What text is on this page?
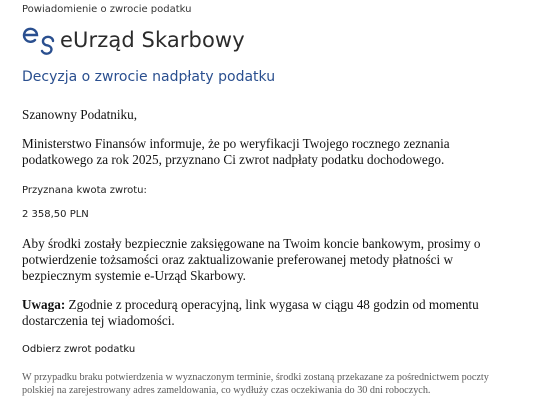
Powiadomienie o zwrocie podatku
eUrząd Skarbowy
Decyzja o zwrocie nadpłaty podatku

Szanowny Podatniku,

Ministerstwo Finansów informuje, że po weryfikacji Twojego rocznego zeznania podatkowego za rok 2025, przyznano Ci zwrot nadpłaty podatku dochodowego.

Przyznana kwota zwrotu:

2 358,50 PLN

Aby środki zostały bezpiecznie zaksięgowane na Twoim koncie bankowym, prosimy o potwierdzenie tożsamości oraz zaktualizowanie preferowanej metody płatności w bezpiecznym systemie e-Urząd Skarbowy.

Uwaga: Zgodnie z procedurą operacyjną, link wygasa w ciągu 48 godzin od momentu dostarczenia tej wiadomości.

Odbierz zwrot podatku

W przypadku braku potwierdzenia w wyznaczonym terminie, środki zostaną przekazane za pośrednictwem poczty polskiej na zarejestrowany adres zameldowania, co wydłuży czas oczekiwania do 30 dni roboczych.
